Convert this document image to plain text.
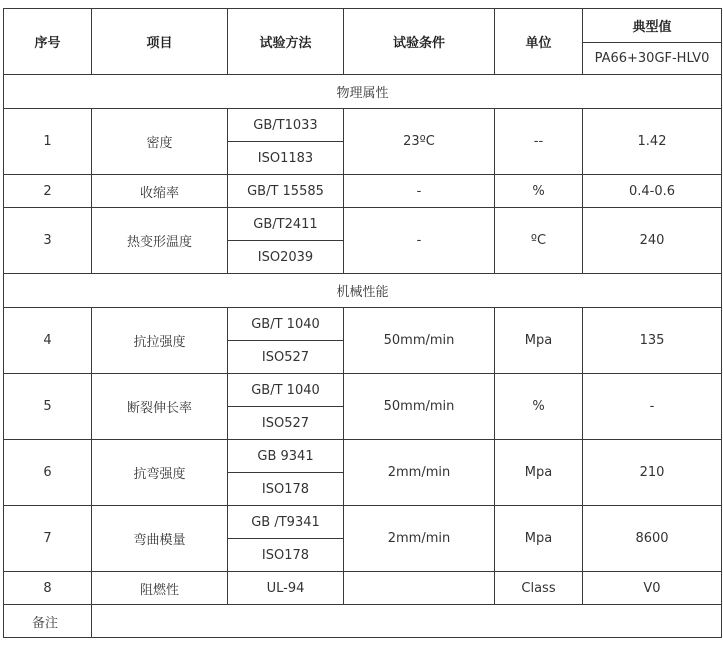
序号	项目	试验方法	试验条件	单位	典型值
					PA66+30GF-HLV0
物理属性					
1	密度	GB/T1033	23ºC	--	1.42
		ISO1183			
2	收缩率	GB/T 15585	-	%	0.4-0.6
3	热变形温度	GB/T2411	-	ºC	240
		ISO2039			
机械性能					
4	抗拉强度	GB/T 1040	50mm/min	Mpa	135
		ISO527			
5	断裂伸长率	GB/T 1040	50mm/min	%	-
		ISO527			
6	抗弯强度	GB 9341	2mm/min	Mpa	210
		ISO178			
7	弯曲模量	GB /T9341	2mm/min	Mpa	8600
		ISO178			
8	阻燃性	UL-94		Class	V0
备注					
